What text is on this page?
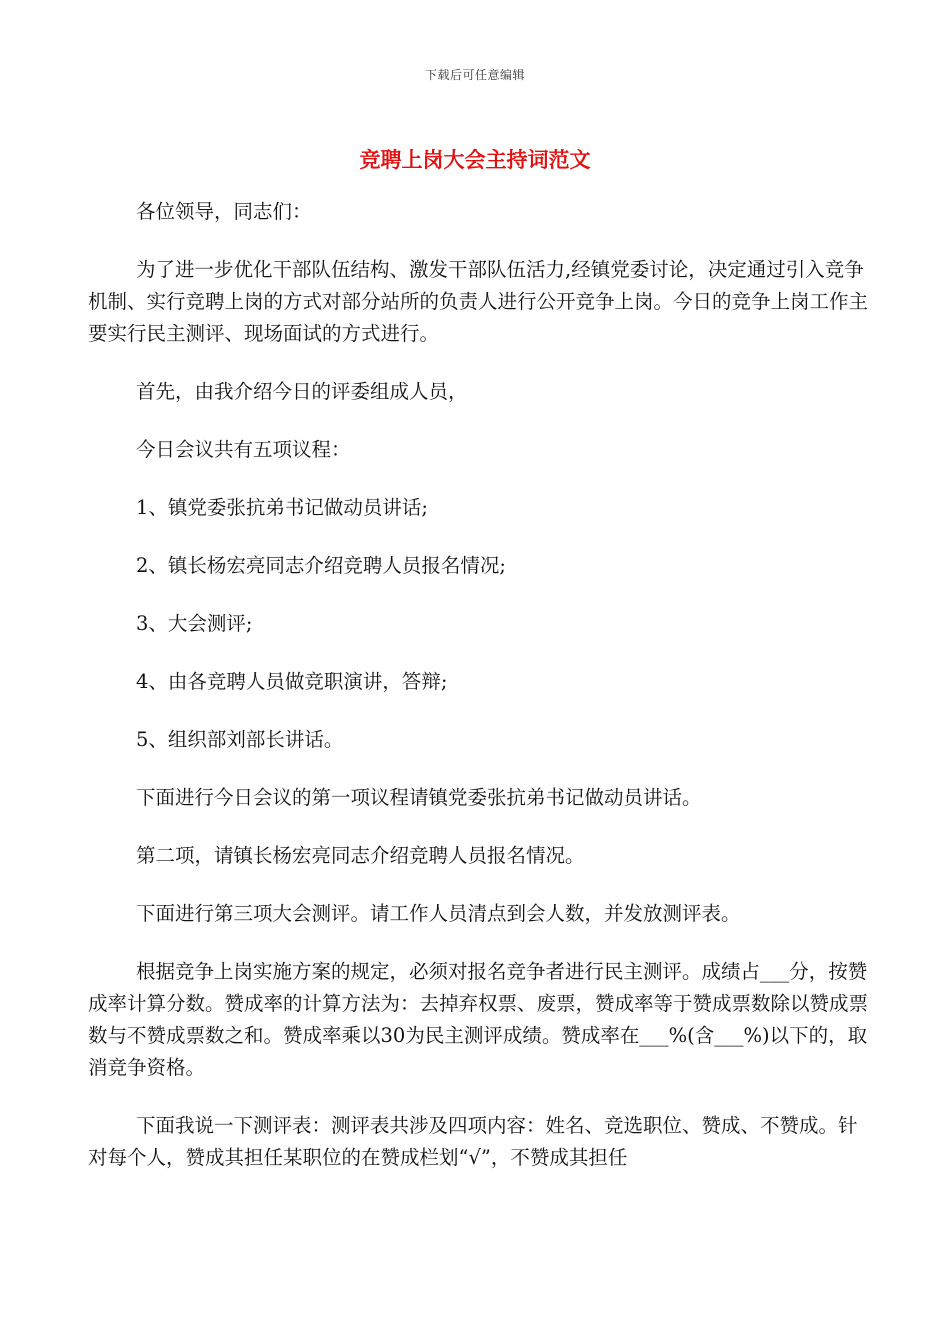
下载后可任意编辑
竞聘上岗大会主持词范文

各位领导，同志们：

为了进一步优化干部队伍结构、激发干部队伍活力,经镇党委讨论，决定通过引入竞争机制、实行竞聘上岗的方式对部分站所的负责人进行公开竞争上岗。今日的竞争上岗工作主要实行民主测评、现场面试的方式进行。

首先，由我介绍今日的评委组成人员，

今日会议共有五项议程：

1、镇党委张抗弟书记做动员讲话;

2、镇长杨宏亮同志介绍竞聘人员报名情况;

3、大会测评;

4、由各竞聘人员做竞职演讲，答辩;

5、组织部刘部长讲话。

下面进行今日会议的第一项议程请镇党委张抗弟书记做动员讲话。

第二项，请镇长杨宏亮同志介绍竞聘人员报名情况。

下面进行第三项大会测评。请工作人员清点到会人数，并发放测评表。

根据竞争上岗实施方案的规定，必须对报名竞争者进行民主测评。成绩占___分，按赞成率计算分数。赞成率的计算方法为：去掉弃权票、废票，赞成率等于赞成票数除以赞成票数与不赞成票数之和。赞成率乘以30为民主测评成绩。赞成率在___%(含___%)以下的，取消竞争资格。

下面我说一下测评表：测评表共涉及四项内容：姓名、竞选职位、赞成、不赞成。针对每个人，赞成其担任某职位的在赞成栏划“√”，不赞成其担任
